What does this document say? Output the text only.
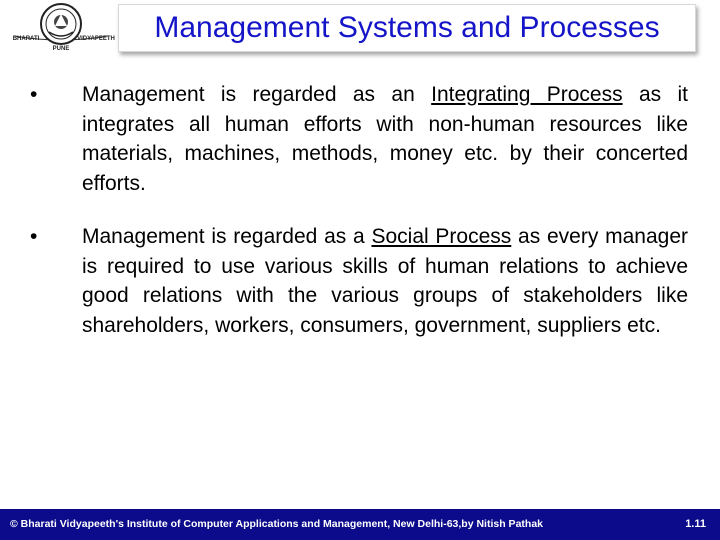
BHARATI	VIDYAPEETH
PUNE
Management Systems and Processes
• Management is regarded as an Integrating Process as it integrates all human efforts with non-human resources like materials, machines, methods, money etc. by their concerted efforts.
• Management is regarded as a Social Process as every manager is required to use various skills of human relations to achieve good relations with the various groups of stakeholders like shareholders, workers, consumers, government, suppliers etc.
© Bharati Vidyapeeth's Institute of Computer Applications and Management, New Delhi-63,by Nitish Pathak	1.11
